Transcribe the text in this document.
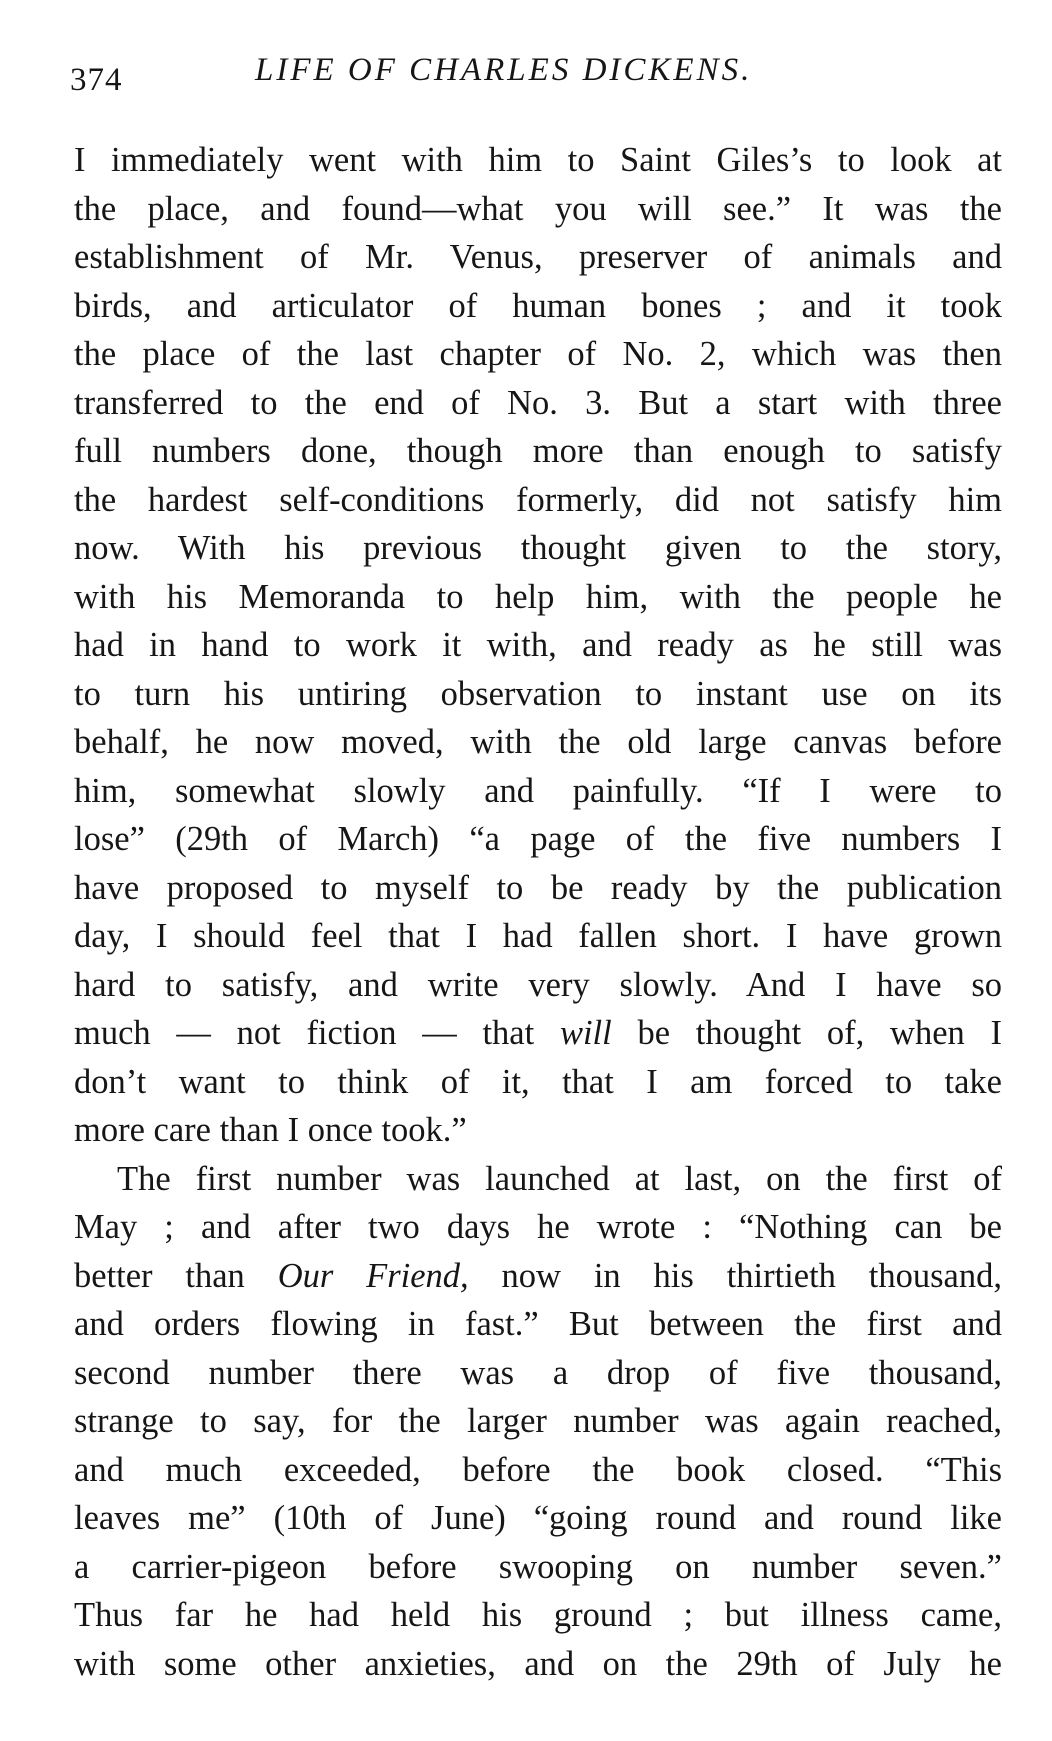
374	LIFE OF CHARLES DICKENS.
I immediately went with him to Saint Giles’s to look at
the place, and found—what you will see.” It was the
establishment of Mr. Venus, preserver of animals and
birds, and articulator of human bones ; and it took
the place of the last chapter of No. 2, which was then
transferred to the end of No. 3. But a start with three
full numbers done, though more than enough to satisfy
the hardest self-conditions formerly, did not satisfy him
now. With his previous thought given to the story,
with his Memoranda to help him, with the people he
had in hand to work it with, and ready as he still was
to turn his untiring observation to instant use on its
behalf, he now moved, with the old large canvas before
him, somewhat slowly and painfully. “If I were to
lose” (29th of March) “a page of the five numbers I
have proposed to myself to be ready by the publication
day, I should feel that I had fallen short. I have grown
hard to satisfy, and write very slowly. And I have so
much — not fiction — that will be thought of, when I
don’t want to think of it, that I am forced to take
more care than I once took.”
The first number was launched at last, on the first of
May ; and after two days he wrote : “Nothing can be
better than Our Friend, now in his thirtieth thousand,
and orders flowing in fast.” But between the first and
second number there was a drop of five thousand,
strange to say, for the larger number was again reached,
and much exceeded, before the book closed. “This
leaves me” (10th of June) “going round and round like
a carrier-pigeon before swooping on number seven.”
Thus far he had held his ground ; but illness came,
with some other anxieties, and on the 29th of July he
